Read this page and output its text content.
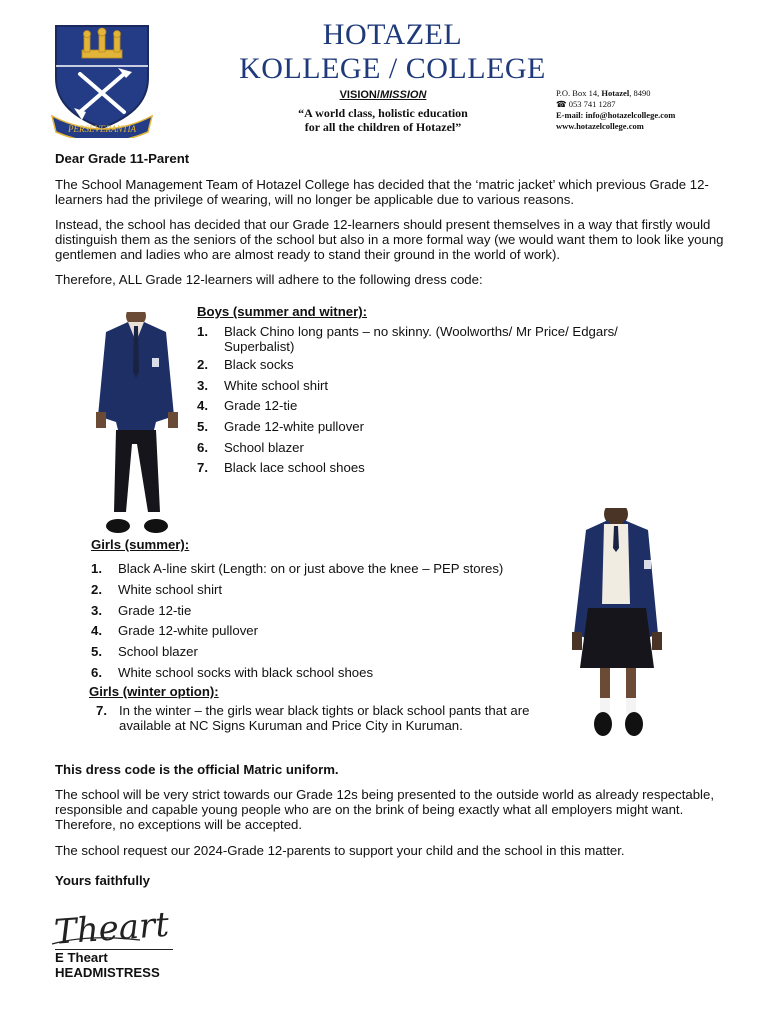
PERSEVERANTIA
HOTAZEL
KOLLEGE / COLLEGE
VISION/MISSION
“A world class, holistic education
for all the children of Hotazel”
P.O. Box 14, Hotazel, 8490
☎ 053 741 1287
E-mail: info@hotazelcollege.com
www.hotazelcollege.com

Dear Grade 11-Parent

The School Management Team of Hotazel College has decided that the ‘matric jacket’ which previous Grade 12-learners had the privilege of wearing, will no longer be applicable due to various reasons.

Instead, the school has decided that our Grade 12-learners should present themselves in a way that firstly would distinguish them as the seniors of the school but also in a more formal way (we would want them to look like young gentlemen and ladies who are almost ready to stand their ground in the world of work).

Therefore, ALL Grade 12-learners will adhere to the following dress code:

Boys (summer and witner):

1. Black Chino long pants – no skinny. (Woolworths/ Mr Price/ Edgars/ Superbalist)
2. Black socks
3. White school shirt
4. Grade 12-tie
5. Grade 12-white pullover
6. School blazer
7. Black lace school shoes

Girls (summer):

1. Black A-line skirt (Length: on or just above the knee – PEP stores)
2. White school shirt
3. Grade 12-tie
4. Grade 12-white pullover
5. School blazer
6. White school socks with black school shoes

Girls (winter option):

7. In the winter – the girls wear black tights or black school pants that are available at NC Signs Kuruman and Price City in Kuruman.

This dress code is the official Matric uniform.

The school will be very strict towards our Grade 12s being presented to the outside world as already respectable, responsible and capable young people who are on the brink of being exactly what all employers might want. Therefore, no exceptions will be accepted.

The school request our 2024-Grade 12-parents to support your child and the school in this matter.

Yours faithfully

Theart

E Theart

HEADMISTRESS
